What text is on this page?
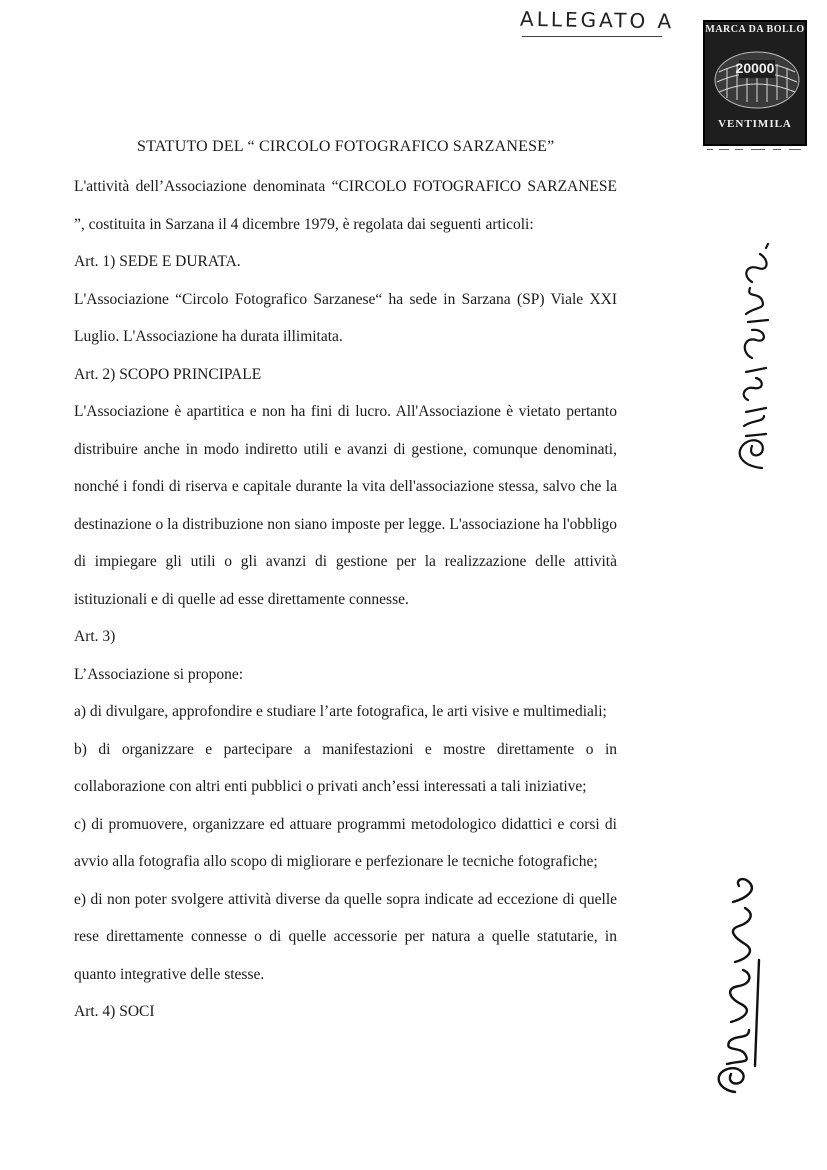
ALLEGATO A	MARCA DA BOLLO
20000
VENTIMILA
STATUTO DEL “ CIRCOLO FOTOGRAFICO SARZANESE”

L'attività dell’Associazione denominata “CIRCOLO FOTOGRAFICO SARZANESE ”, costituita in Sarzana il 4 dicembre 1979, è regolata dai seguenti articoli:

Art. 1) SEDE E DURATA.

L'Associazione “Circolo Fotografico Sarzanese“ ha sede in Sarzana (SP) Viale XXI Luglio. L'Associazione ha durata illimitata.

Art. 2) SCOPO PRINCIPALE

L'Associazione è apartitica e non ha fini di lucro. All'Associazione è vietato pertanto distribuire anche in modo indiretto utili e avanzi di gestione, comunque denominati, nonché i fondi di riserva e capitale durante la vita dell'associazione stessa, salvo che la destinazione o la distribuzione non siano imposte per legge. L'associazione ha l'obbligo di impiegare gli utili o gli avanzi di gestione per la realizzazione delle attività istituzionali e di quelle ad esse direttamente connesse.

Art. 3)

L’Associazione si propone:

a) di divulgare, approfondire e studiare l’arte fotografica, le arti visive e multimediali;

b) di organizzare e partecipare a manifestazioni e mostre direttamente o in collaborazione con altri enti pubblici o privati anch’essi interessati a tali iniziative;

c) di promuovere, organizzare ed attuare programmi metodologico didattici e corsi di avvio alla fotografia allo scopo di migliorare e perfezionare le tecniche fotografiche;

e) di non poter svolgere attività diverse da quelle sopra indicate ad eccezione di quelle rese direttamente connesse o di quelle accessorie per natura a quelle statutarie, in quanto integrative delle stesse.

Art. 4) SOCI
